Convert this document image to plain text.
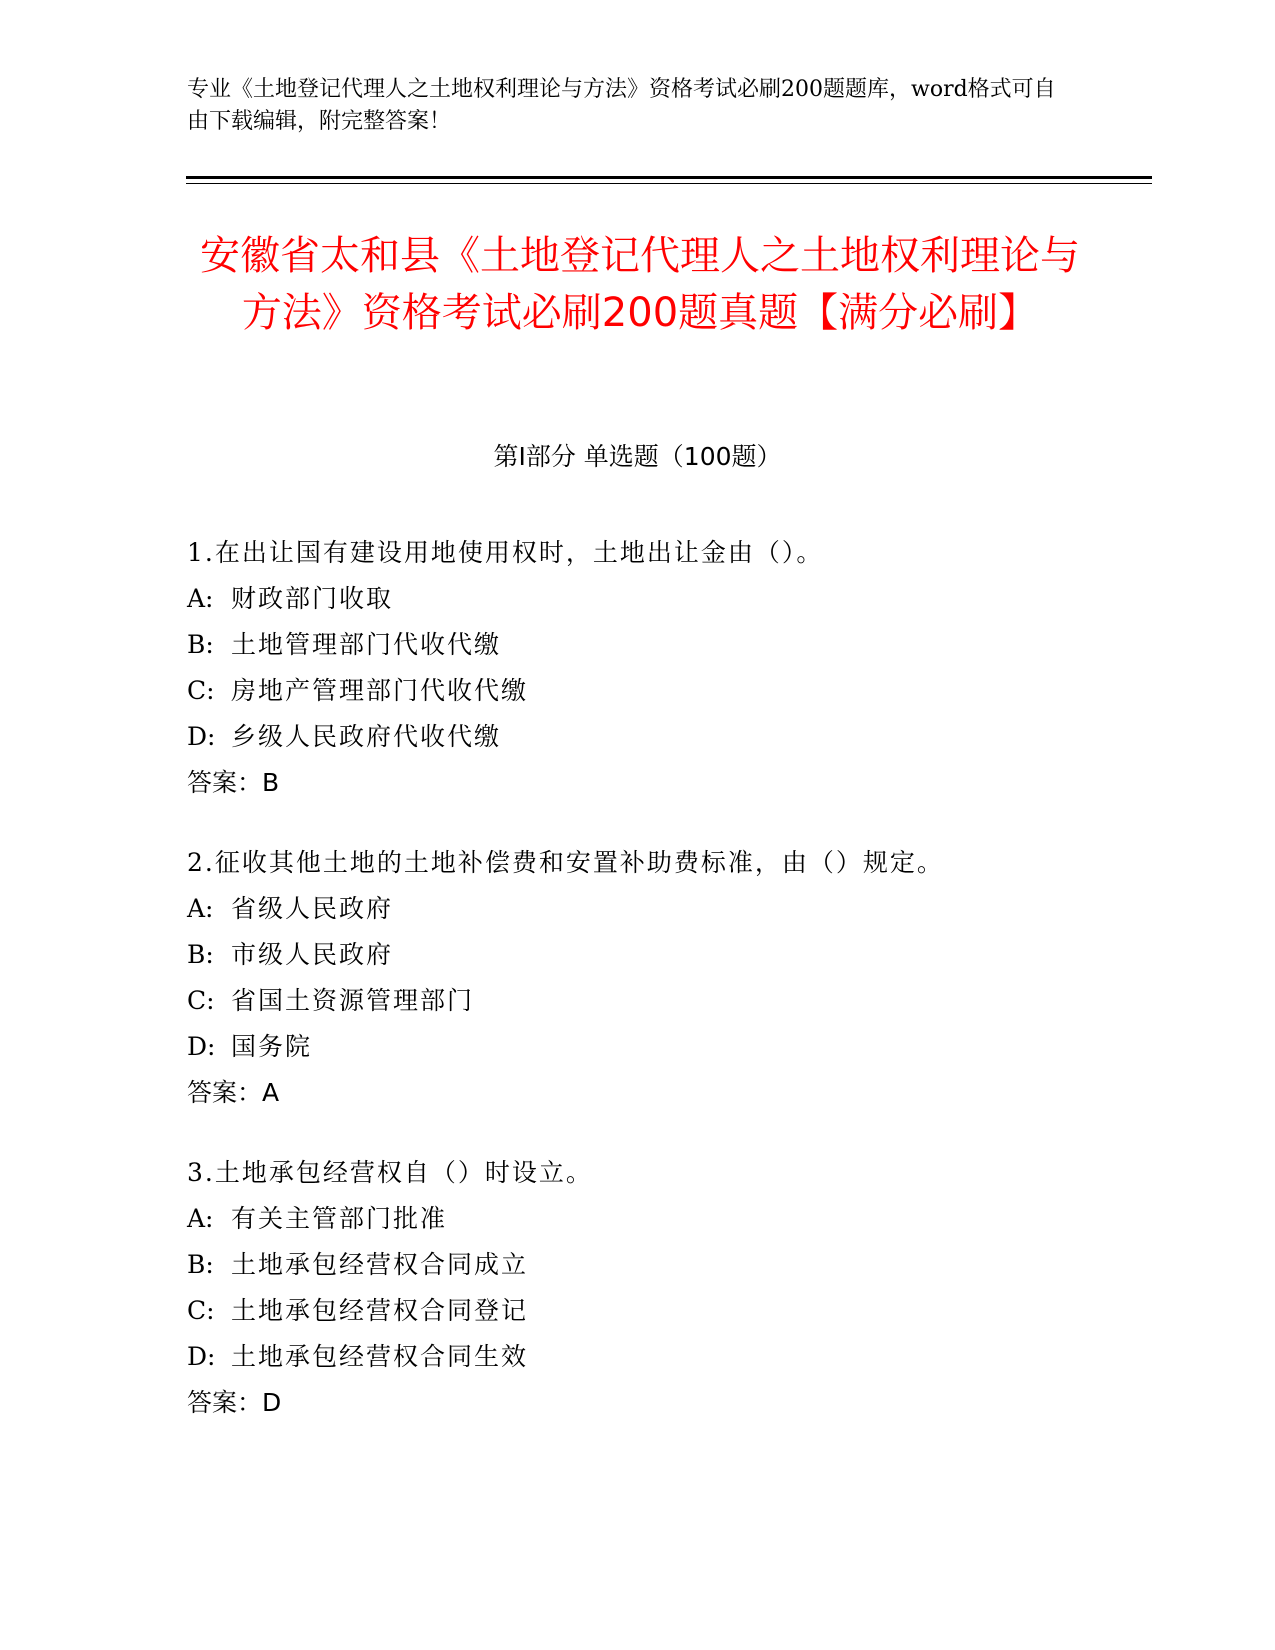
专业《土地登记代理人之土地权利理论与方法》资格考试必刷200题题库，word格式可自由下载编辑，附完整答案！

安徽省太和县《土地登记代理人之土地权利理论与方法》资格考试必刷200题真题【满分必刷】
第Ⅰ部分 单选题（100题）
1.在出让国有建设用地使用权时，土地出让金由（）。
A: 财政部门收取
B: 土地管理部门代收代缴
C: 房地产管理部门代收代缴
D: 乡级人民政府代收代缴
答案：B
2.征收其他土地的土地补偿费和安置补助费标准，由（）规定。
A: 省级人民政府
B: 市级人民政府
C: 省国土资源管理部门
D: 国务院
答案：A
3.土地承包经营权自（）时设立。
A: 有关主管部门批准
B: 土地承包经营权合同成立
C: 土地承包经营权合同登记
D: 土地承包经营权合同生效
答案：D
